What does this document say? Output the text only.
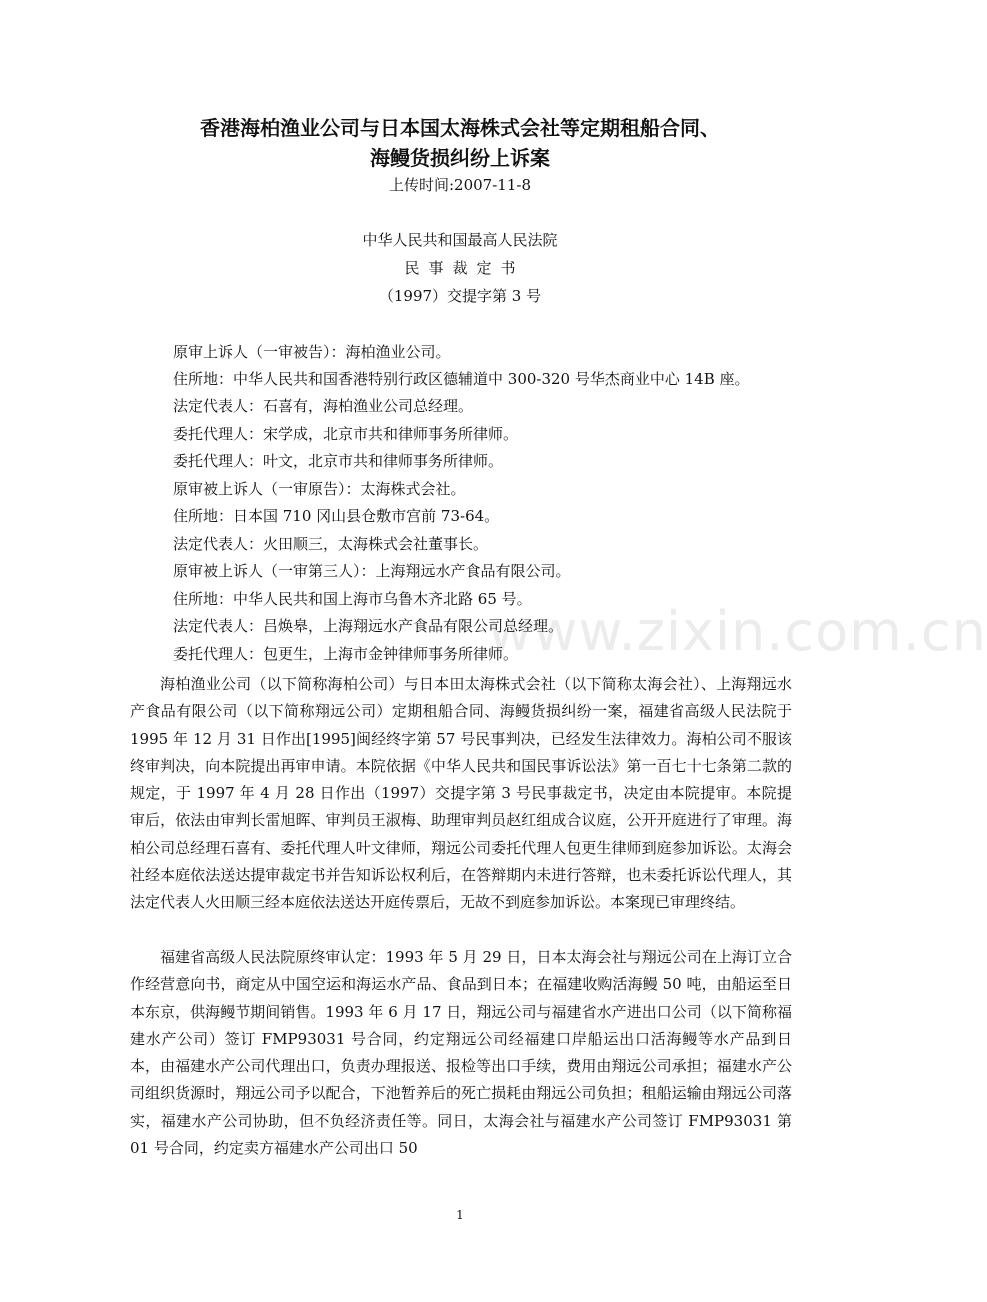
www.zixin.com.cn
香港海柏渔业公司与日本国太海株式会社等定期租船合同、
海鳗货损纠纷上诉案
上传时间:2007-11-8
中华人民共和国最高人民法院
民事裁定书
（1997）交提字第 3 号
原审上诉人（一审被告）：海柏渔业公司。
住所地：中华人民共和国香港特别行政区德辅道中 300-320 号华杰商业中心 14B 座。
法定代表人：石喜有，海柏渔业公司总经理。
委托代理人：宋学成，北京市共和律师事务所律师。
委托代理人：叶文，北京市共和律师事务所律师。
原审被上诉人（一审原告）：太海株式会社。
住所地：日本国 710 冈山县仓敷市宫前 73-64。
法定代表人：火田顺三，太海株式会社董事长。
原审被上诉人（一审第三人）：上海翔远水产食品有限公司。
住所地：中华人民共和国上海市乌鲁木齐北路 65 号。
法定代表人：吕焕皋，上海翔远水产食品有限公司总经理。
委托代理人：包更生，上海市金钟律师事务所律师。
海柏渔业公司（以下简称海柏公司）与日本田太海株式会社（以下简称太海会社）、上海翔远水产食品有限公司（以下简称翔远公司）定期租船合同、海鳗货损纠纷一案，福建省高级人民法院于 1995 年 12 月 31 日作出[1995]闽经终字第 57 号民事判决，已经发生法律效力。海柏公司不服该终审判决，向本院提出再审申请。本院依据《中华人民共和国民事诉讼法》第一百七十七条第二款的规定，于 1997 年 4 月 28 日作出（1997）交提字第 3 号民事裁定书，决定由本院提审。本院提审后，依法由审判长雷旭晖、审判员王淑梅、助理审判员赵红组成合议庭，公开开庭进行了审理。海柏公司总经理石喜有、委托代理人叶文律师，翔远公司委托代理人包更生律师到庭参加诉讼。太海会社经本庭依法送达提审裁定书并告知诉讼权利后，在答辩期内未进行答辩，也未委托诉讼代理人，其法定代表人火田顺三经本庭依法送达开庭传票后，无故不到庭参加诉讼。本案现已审理终结。
福建省高级人民法院原终审认定：1993 年 5 月 29 日，日本太海会社与翔远公司在上海订立合作经营意向书，商定从中国空运和海运水产品、食品到日本；在福建收购活海鳗 50 吨，由船运至日本东京，供海鳗节期间销售。1993 年 6 月 17 日，翔远公司与福建省水产进出口公司（以下简称福建水产公司）签订 FMP93031 号合同，约定翔远公司经福建口岸船运出口活海鳗等水产品到日本，由福建水产公司代理出口，负责办理报送、报检等出口手续，费用由翔远公司承担；福建水产公司组织货源时，翔远公司予以配合，下池暂养后的死亡损耗由翔远公司负担；租船运输由翔远公司落实，福建水产公司协助，但不负经济责任等。同日，太海会社与福建水产公司签订 FMP93031 第 01 号合同，约定卖方福建水产公司出口 50
1
